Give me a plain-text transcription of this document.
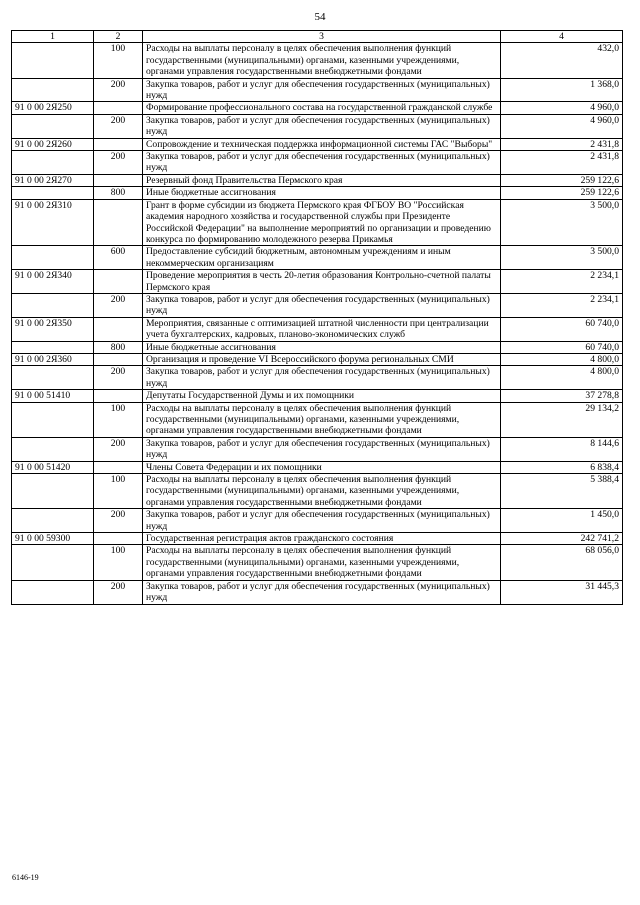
54
1	2	3	4
	100	Расходы на выплаты персоналу в целях обеспечения выполнения функций государственными (муниципальными) органами, казенными учреждениями, органами управления государственными внебюджетными фондами	432,0
	200	Закупка товаров, работ и услуг для обеспечения государственных (муниципальных) нужд	1 368,0
91 0 00 2Я250		Формирование профессионального состава на государственной гражданской службе	4 960,0
	200	Закупка товаров, работ и услуг для обеспечения государственных (муниципальных) нужд	4 960,0
91 0 00 2Я260		Сопровождение и техническая поддержка информационной системы ГАС "Выборы"	2 431,8
	200	Закупка товаров, работ и услуг для обеспечения государственных (муниципальных) нужд	2 431,8
91 0 00 2Я270		Резервный фонд Правительства Пермского края	259 122,6
	800	Иные бюджетные ассигнования	259 122,6
91 0 00 2Я310		Грант в форме субсидии из бюджета Пермского края ФГБОУ ВО "Российская академия народного хозяйства и государственной службы при Президенте Российской Федерации" на выполнение мероприятий по организации и проведению конкурса по формированию молодежного резерва Прикамья	3 500,0
	600	Предоставление субсидий бюджетным, автономным учреждениям и иным некоммерческим организациям	3 500,0
91 0 00 2Я340		Проведение мероприятия в честь 20-летия образования Контрольно-счетной палаты Пермского края	2 234,1
	200	Закупка товаров, работ и услуг для обеспечения государственных (муниципальных) нужд	2 234,1
91 0 00 2Я350		Мероприятия, связанные с оптимизацией штатной численности при централизации учета бухгалтерских, кадровых, планово-экономических служб	60 740,0
	800	Иные бюджетные ассигнования	60 740,0
91 0 00 2Я360		Организация и проведение VI Всероссийского форума региональных СМИ	4 800,0
	200	Закупка товаров, работ и услуг для обеспечения государственных (муниципальных) нужд	4 800,0
91 0 00 51410		Депутаты Государственной Думы и их помощники	37 278,8
	100	Расходы на выплаты персоналу в целях обеспечения выполнения функций государственными (муниципальными) органами, казенными учреждениями, органами управления государственными внебюджетными фондами	29 134,2
	200	Закупка товаров, работ и услуг для обеспечения государственных (муниципальных) нужд	8 144,6
91 0 00 51420		Члены Совета Федерации и их помощники	6 838,4
	100	Расходы на выплаты персоналу в целях обеспечения выполнения функций государственными (муниципальными) органами, казенными учреждениями, органами управления государственными внебюджетными фондами	5 388,4
	200	Закупка товаров, работ и услуг для обеспечения государственных (муниципальных) нужд	1 450,0
91 0 00 59300		Государственная регистрация актов гражданского состояния	242 741,2
	100	Расходы на выплаты персоналу в целях обеспечения выполнения функций государственными (муниципальными) органами, казенными учреждениями, органами управления государственными внебюджетными фондами	68 056,0
	200	Закупка товаров, работ и услуг для обеспечения государственных (муниципальных) нужд	31 445,3
6146-19
